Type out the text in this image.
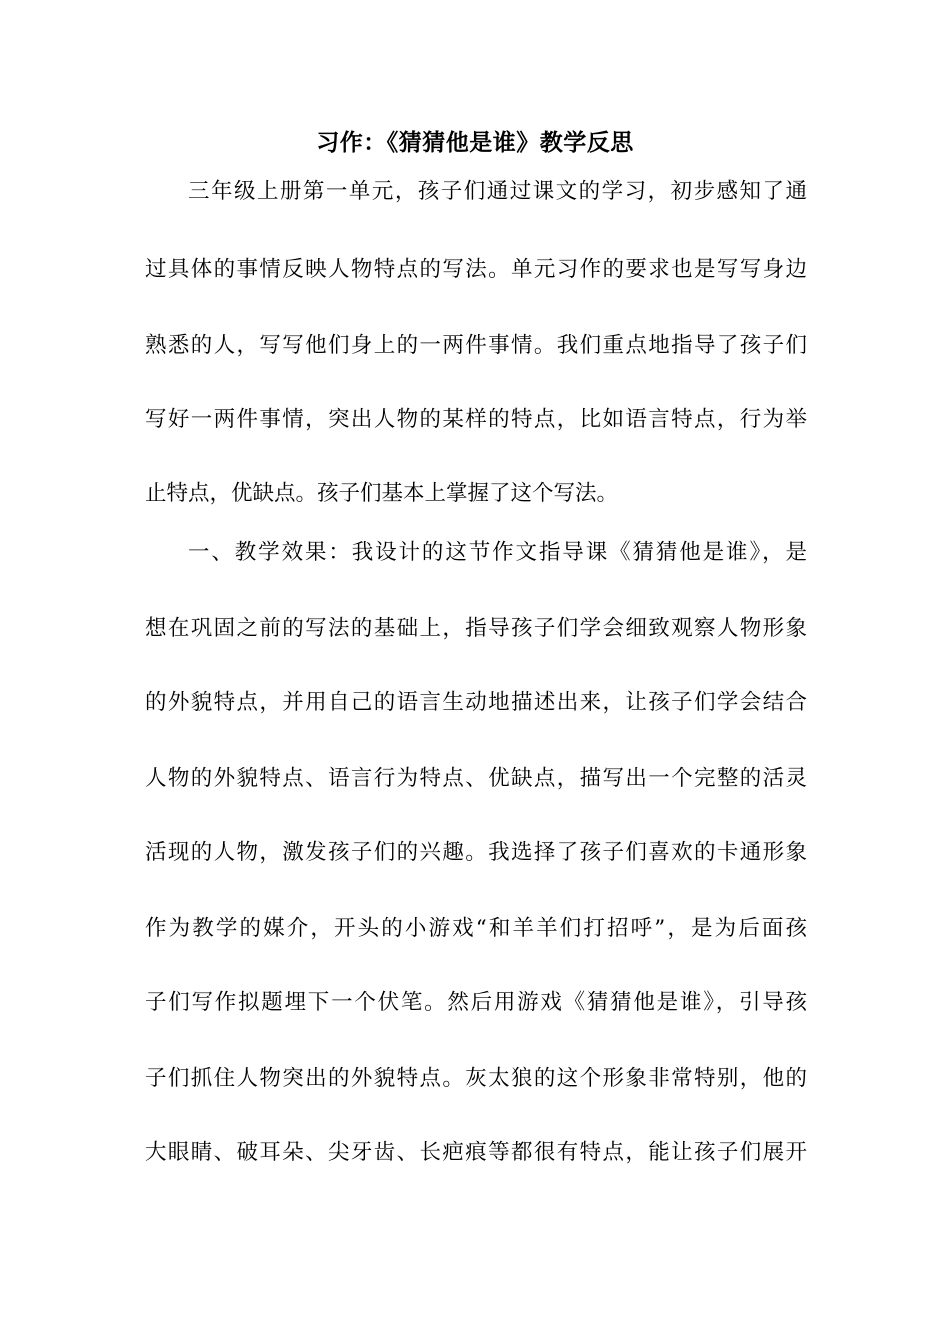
习作：《猜猜他是谁》教学反思
三年级上册第一单元，孩子们通过课文的学习，初步感知了通
过具体的事情反映人物特点的写法。单元习作的要求也是写写身边
熟悉的人，写写他们身上的一两件事情。我们重点地指导了孩子们
写好一两件事情，突出人物的某样的特点，比如语言特点，行为举
止特点，优缺点。孩子们基本上掌握了这个写法。
一、教学效果：我设计的这节作文指导课《猜猜他是谁》，是
想在巩固之前的写法的基础上，指导孩子们学会细致观察人物形象
的外貌特点，并用自己的语言生动地描述出来，让孩子们学会结合
人物的外貌特点、语言行为特点、优缺点，描写出一个完整的活灵
活现的人物，激发孩子们的兴趣。我选择了孩子们喜欢的卡通形象
作为教学的媒介，开头的小游戏“和羊羊们打招呼”，是为后面孩
子们写作拟题埋下一个伏笔。然后用游戏《猜猜他是谁》，引导孩
子们抓住人物突出的外貌特点。灰太狼的这个形象非常特别，他的
大眼睛、破耳朵、尖牙齿、长疤痕等都很有特点，能让孩子们展开
